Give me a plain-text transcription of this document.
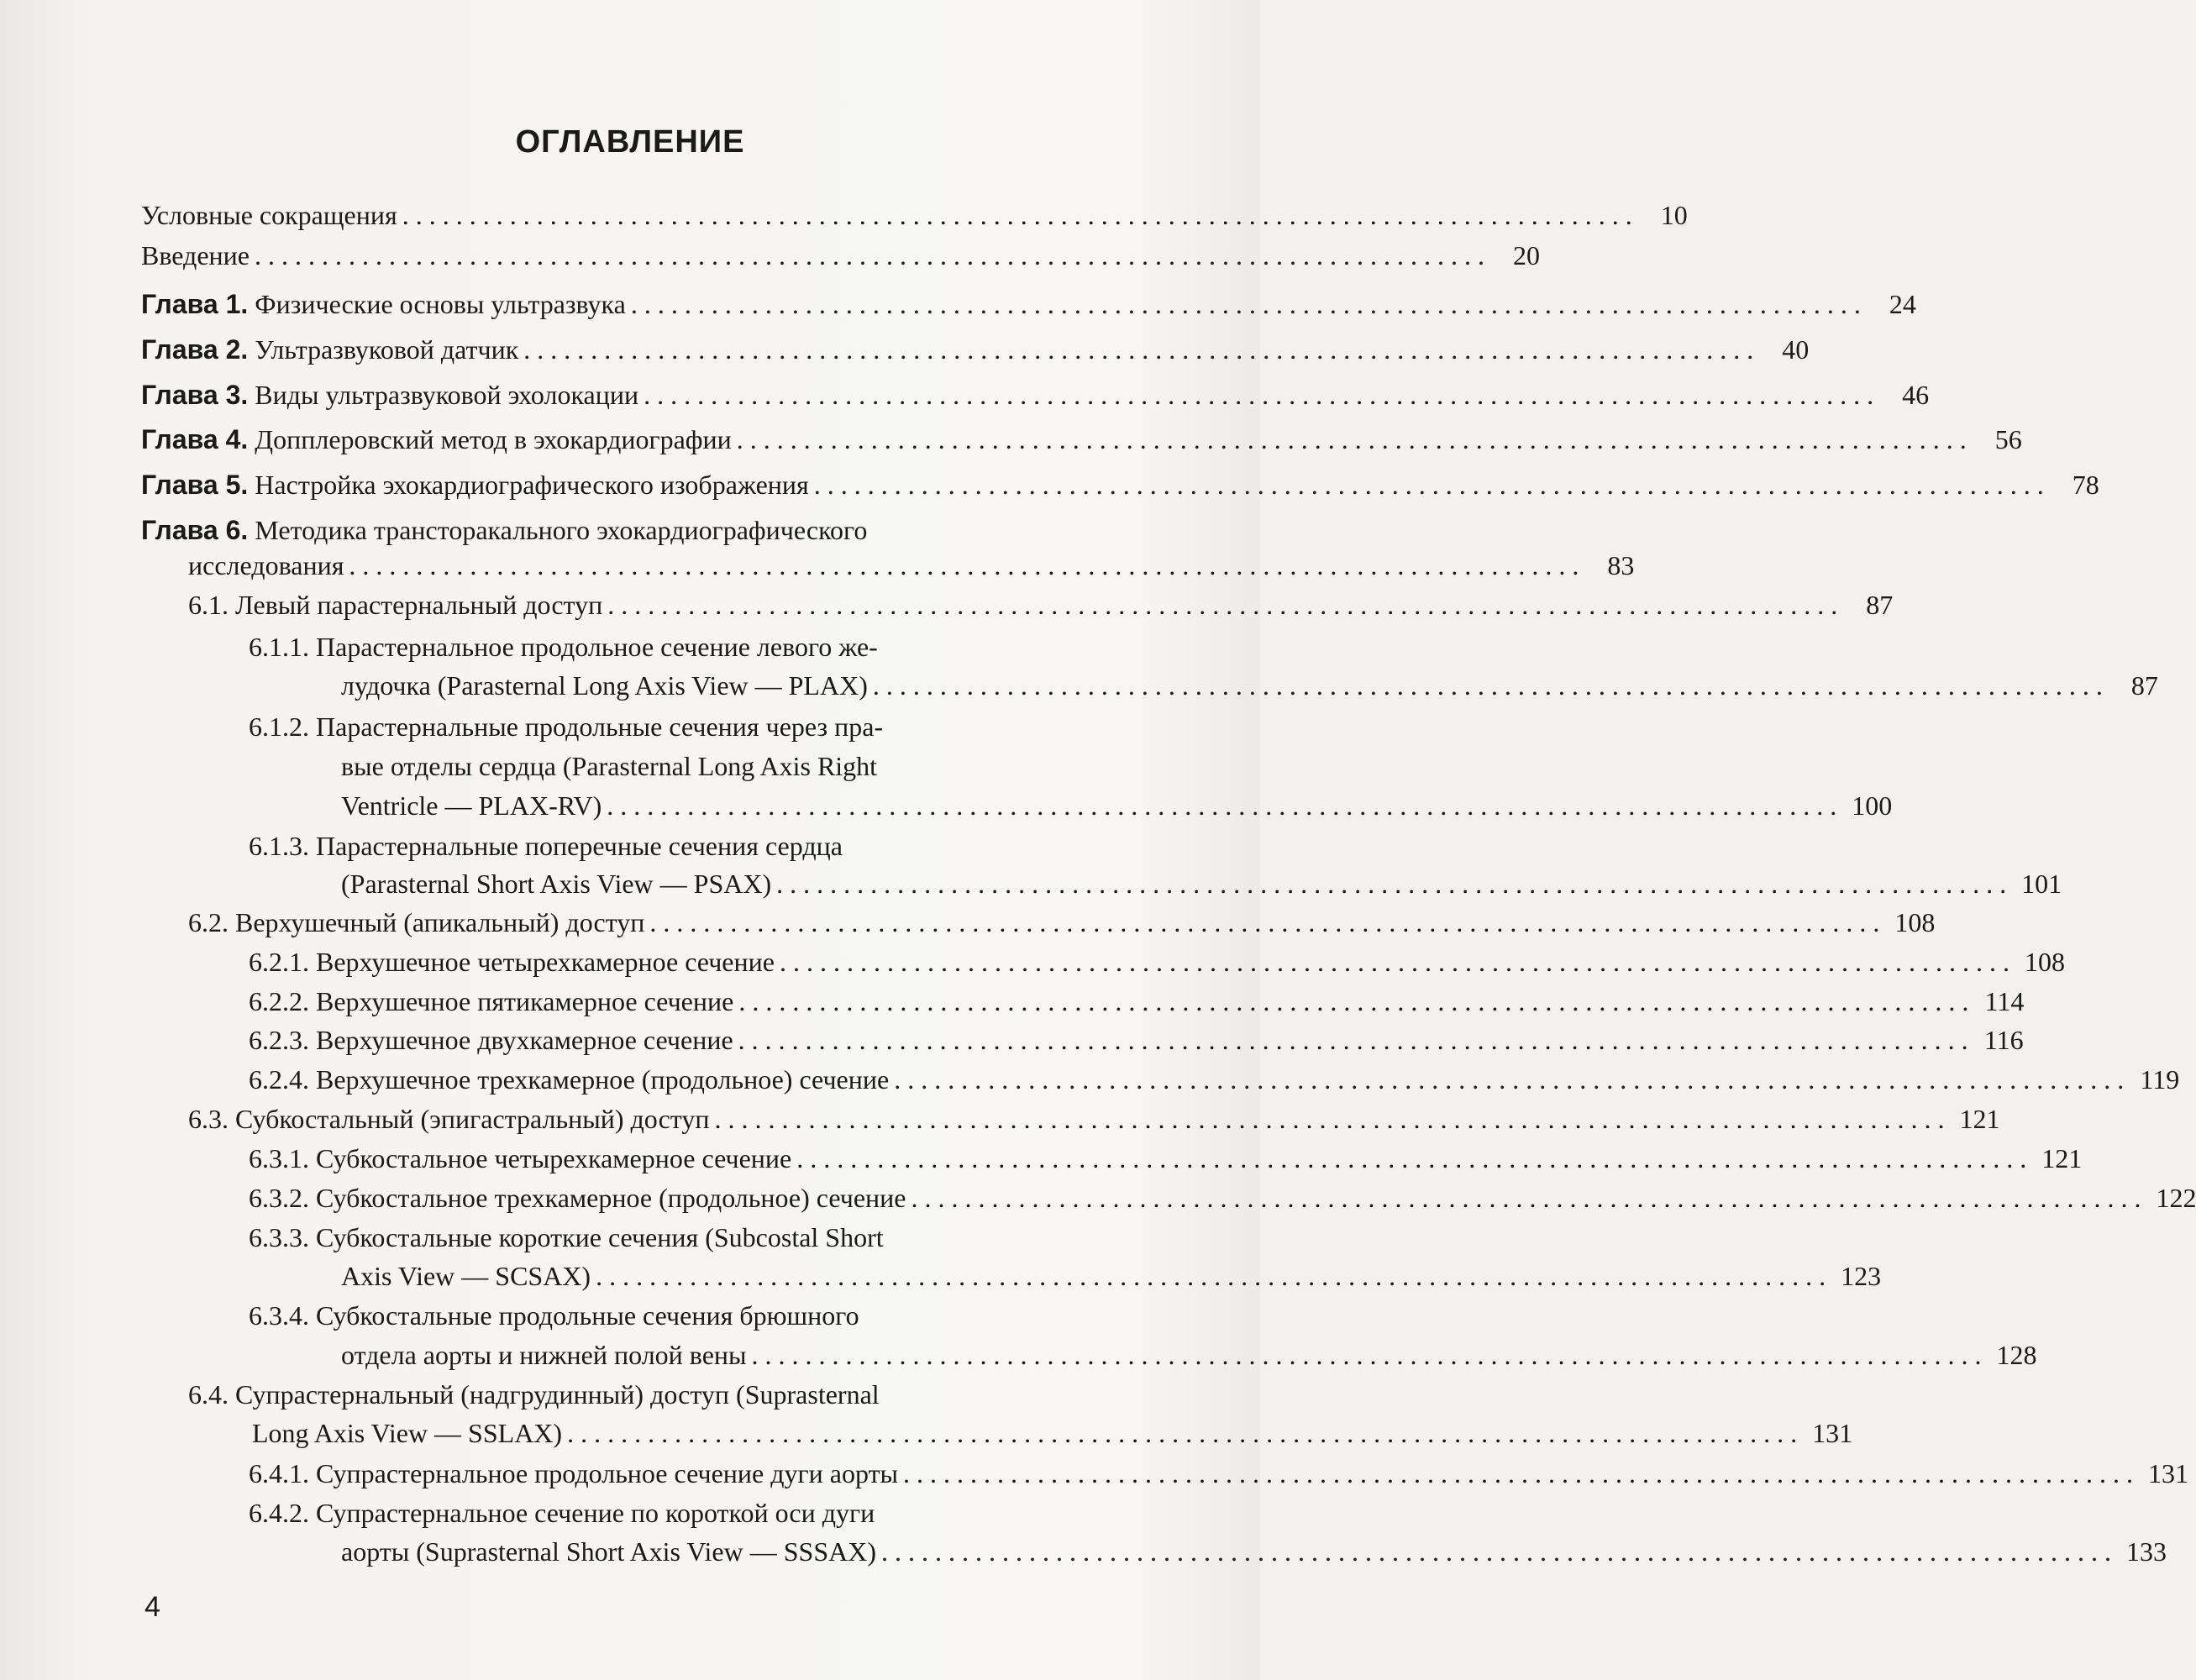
ОГЛАВЛЕНИЕ
Условные сокращения . . .	10
Введение . . .	20
Глава 1. Физические основы ультразвука . . .	24
Глава 2. Ультразвуковой датчик . . .	40
Глава 3. Виды ультразвуковой эхолокации . . .	46
Глава 4. Допплеровский метод в эхокардиографии . . .	56
Глава 5. Настройка эхокардиографического изображения . . .	78
Глава 6. Методика трансторакального эхокардиографического
исследования . . .	83
6.1. Левый парастернальный доступ . . .	87
6.1.1. Парастернальное продольное сечение левого же-
лудочка (Parasternal Long Axis View — PLAX) . . .	87
6.1.2. Парастернальные продольные сечения через пра-
вые отделы сердца (Parasternal Long Axis Right
Ventricle — PLAX-RV) . . .	100
6.1.3. Парастернальные поперечные сечения сердца
(Parasternal Short Axis View — PSAX) . . .	101
6.2. Верхушечный (апикальный) доступ . . .	108
6.2.1. Верхушечное четырехкамерное сечение . . .	108
6.2.2. Верхушечное пятикамерное сечение . . .	114
6.2.3. Верхушечное двухкамерное сечение . . .	116
6.2.4. Верхушечное трехкамерное (продольное) сечение . . .	119
6.3. Субкостальный (эпигастральный) доступ . . .	121
6.3.1. Субкостальное четырехкамерное сечение . . .	121
6.3.2. Субкостальное трехкамерное (продольное) сечение . . .	122
6.3.3. Субкостальные короткие сечения (Subcostal Short
Axis View — SCSAX) . . .	123
6.3.4. Субкостальные продольные сечения брюшного
отдела аорты и нижней полой вены . . .	128
6.4. Супрастернальный (надгрудинный) доступ (Suprasternal
Long Axis View — SSLAX) . . .	131
6.4.1. Супрастернальное продольное сечение дуги аорты . . .	131
6.4.2. Супрастернальное сечение по короткой оси дуги
аорты (Suprasternal Short Axis View — SSSAX) . . .	133
4
